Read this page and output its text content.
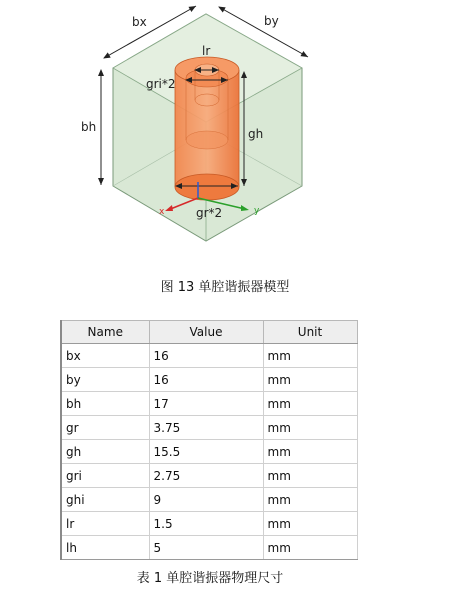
bx	by
bh
lr
gri*2
gh
gr*2
x	y
图 13 单腔谐振器模型
Name	Value	Unit
bx	16	mm
by	16	mm
bh	17	mm
gr	3.75	mm
gh	15.5	mm
gri	2.75	mm
ghi	9	mm
lr	1.5	mm
lh	5	mm
表 1 单腔谐振器物理尺寸
